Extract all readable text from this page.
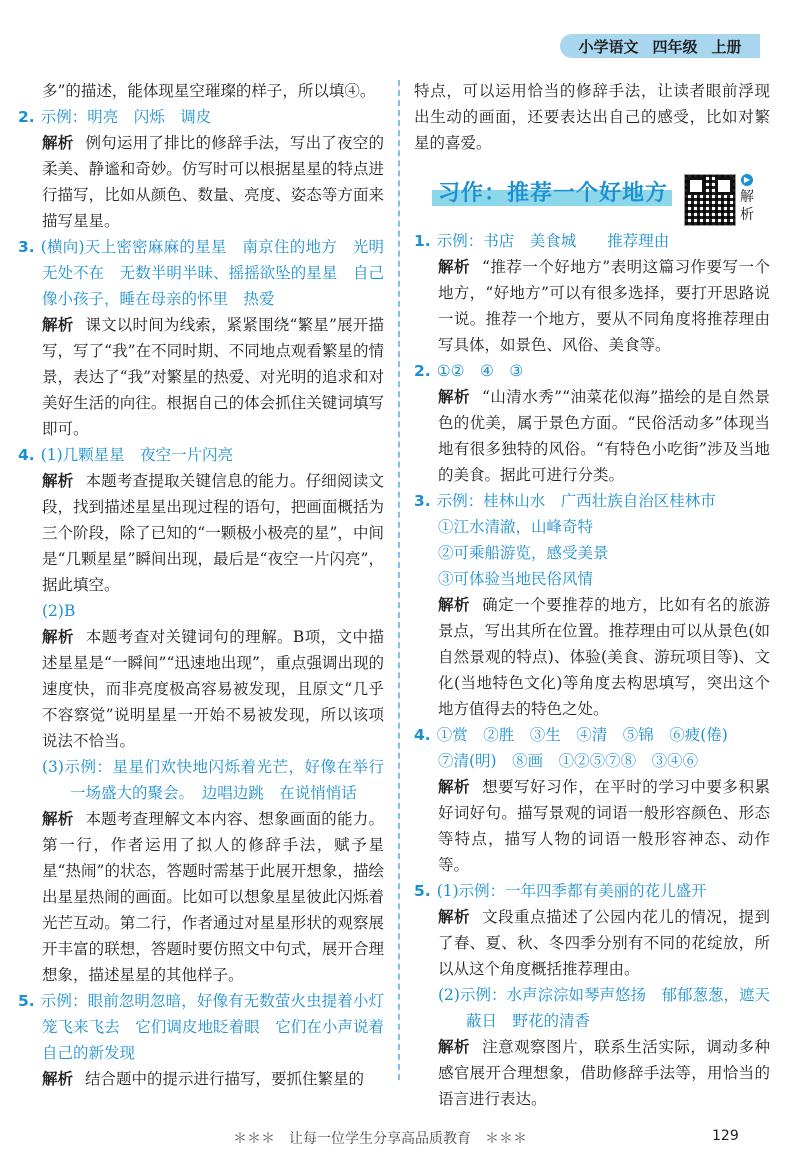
小学语文 四年级 上册

多”的描述，能体现星空璀璨的样子，所以填④。

2. 示例：明亮　闪烁　调皮

解析 例句运用了排比的修辞手法，写出了夜空的柔美、静谧和奇妙。仿写时可以根据星星的特点进行描写，比如从颜色、数量、亮度、姿态等方面来描写星星。

3. (横向)天上密密麻麻的星星　南京住的地方　光明无处不在　无数半明半昧、摇摇欲坠的星星　自己像小孩子，睡在母亲的怀里　热爱

解析 课文以时间为线索，紧紧围绕“繁星”展开描写，写了“我”在不同时期、不同地点观看繁星的情景，表达了“我”对繁星的热爱、对光明的追求和对美好生活的向往。根据自己的体会抓住关键词填写即可。

4. (1)几颗星星　夜空一片闪亮

解析 本题考查提取关键信息的能力。仔细阅读文段，找到描述星星出现过程的语句，把画面概括为三个阶段，除了已知的“一颗极小极亮的星”，中间是“几颗星星”瞬间出现，最后是“夜空一片闪亮”，据此填空。

(2)B

解析 本题考查对关键词句的理解。B项，文中描述星星是“一瞬间”“迅速地出现”，重点强调出现的速度快，而非亮度极高容易被发现，且原文“几乎不容察觉”说明星星一开始不易被发现，所以该项说法不恰当。

(3)示例：星星们欢快地闪烁着光芒，好像在举行一场盛大的聚会。　边唱边跳　在说悄悄话

解析 本题考查理解文本内容、想象画面的能力。第一行，作者运用了拟人的修辞手法，赋予星星“热闹”的状态，答题时需基于此展开想象，描绘出星星热闹的画面。比如可以想象星星彼此闪烁着光芒互动。第二行，作者通过对星星形状的观察展开丰富的联想，答题时要仿照文中句式，展开合理想象，描述星星的其他样子。

5. 示例：眼前忽明忽暗，好像有无数萤火虫提着小灯笼飞来飞去　它们调皮地眨着眼　它们在小声说着自己的新发现

解析 结合题中的提示进行描写，要抓住繁星的

特点，可以运用恰当的修辞手法，让读者眼前浮现出生动的画面，还要表达出自己的感受，比如对繁星的喜爱。

习作：推荐一个好地方
▶
解
析

1. 示例：书店　美食城　　推荐理由

解析 “推荐一个好地方”表明这篇习作要写一个地方，“好地方”可以有很多选择，要打开思路说一说。推荐一个地方，要从不同角度将推荐理由写具体，如景色、风俗、美食等。

2. ①②　④　③

解析 “山清水秀”“油菜花似海”描绘的是自然景色的优美，属于景色方面。“民俗活动多”体现当地有很多独特的风俗。“有特色小吃街”涉及当地的美食。据此可进行分类。

3. 示例：桂林山水　广西壮族自治区桂林市

①江水清澈，山峰奇特

②可乘船游览，感受美景

③可体验当地民俗风情

解析 确定一个要推荐的地方，比如有名的旅游景点，写出其所在位置。推荐理由可以从景色(如自然景观的特点)、体验(美食、游玩项目等)、文化(当地特色文化)等角度去构思填写，突出这个地方值得去的特色之处。

4. ①赏　②胜　③生　④清　⑤锦　⑥疲(倦)

⑦清(明)　⑧画　①②⑤⑦⑧　③④⑥

解析 想要写好习作，在平时的学习中要多积累好词好句。描写景观的词语一般形容颜色、形态等特点，描写人物的词语一般形容神态、动作等。

5. (1)示例：一年四季都有美丽的花儿盛开

解析 文段重点描述了公园内花儿的情况，提到了春、夏、秋、冬四季分别有不同的花绽放，所以从这个角度概括推荐理由。

(2)示例：水声淙淙如琴声悠扬　郁郁葱葱，遮天蔽日　野花的清香

解析 注意观察图片，联系生活实际，调动多种感官展开合理想象，借助修辞手法等，用恰当的语言进行表达。

＊＊＊　让每一位学生分享高品质教育　＊＊＊	129
